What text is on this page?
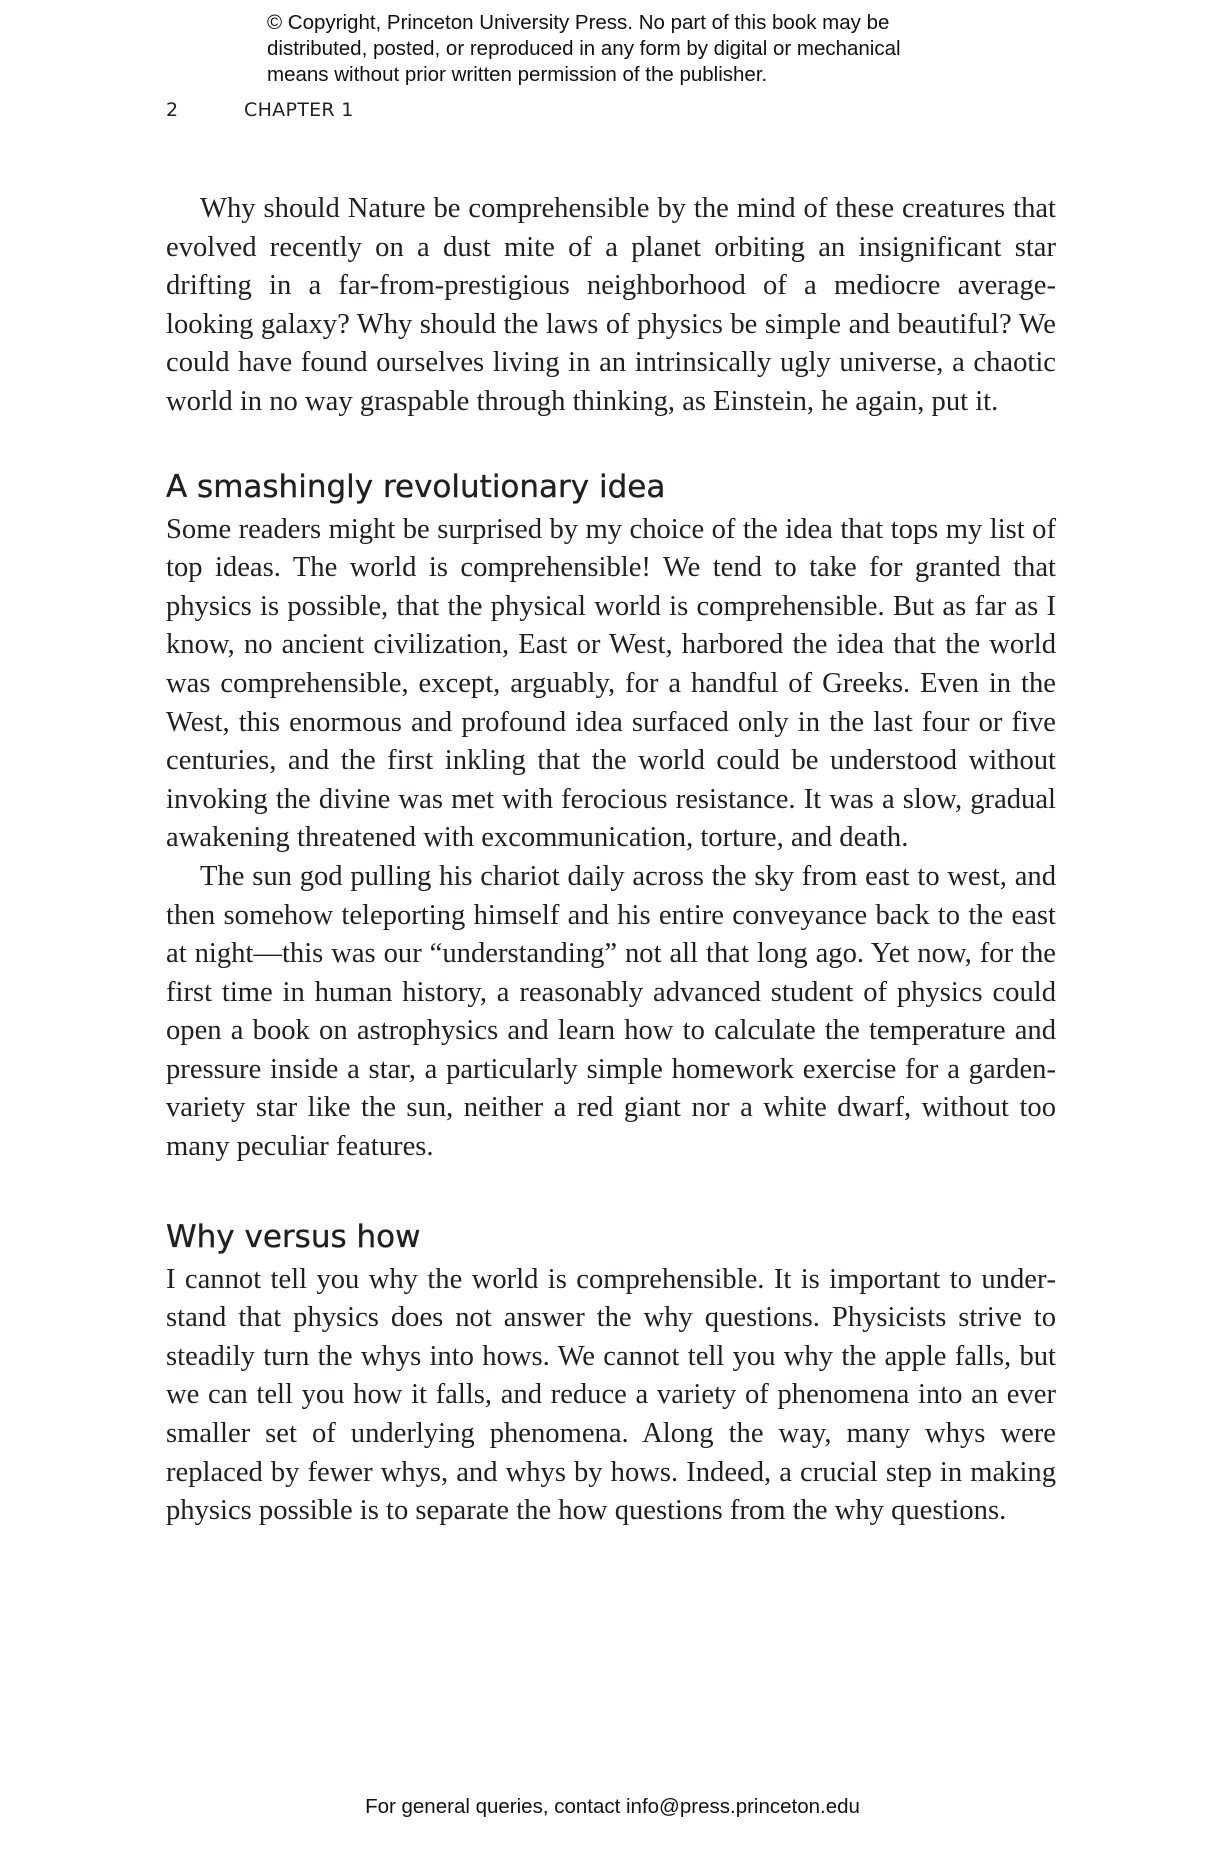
© Copyright, Princeton University Press. No part of this book may be
distributed, posted, or reproduced in any form by digital or mechanical
means without prior written permission of the publisher.
2	CHAPTER 1

Why should Nature be comprehensible by the mind of these creatures that evolved recently on a dust mite of a planet orbiting an insignificant star drifting in a far-from-prestigious neighborhood of a mediocre average-looking galaxy? Why should the laws of physics be simple and beautiful? We could have found ourselves living in an intrinsically ugly universe, a chaotic world in no way graspable through thinking, as Einstein, he again, put it.

A smashingly revolutionary idea

Some readers might be surprised by my choice of the idea that tops my list of top ideas. The world is comprehensible! We tend to take for granted that physics is possible, that the physical world is comprehensible. But as far as I know, no ancient civilization, East or West, harbored the idea that the world was comprehensible, except, arguably, for a handful of Greeks. Even in the West, this enormous and profound idea surfaced only in the last four or five centuries, and the first inkling that the world could be understood without invoking the divine was met with ferocious resistance. It was a slow, gradual awakening threatened with excommunication, torture, and death.

The sun god pulling his chariot daily across the sky from east to west, and then somehow teleporting himself and his entire conveyance back to the east at night—this was our “understanding” not all that long ago. Yet now, for the first time in human history, a reasonably advanced student of physics could open a book on astrophysics and learn how to calculate the temperature and pressure inside a star, a particularly simple homework exercise for a garden-variety star like the sun, neither a red giant nor a white dwarf, without too many peculiar features.

Why versus how

I cannot tell you why the world is comprehensible. It is important to understand that physics does not answer the why questions. Physicists strive to steadily turn the whys into hows. We cannot tell you why the apple falls, but we can tell you how it falls, and reduce a variety of phenomena into an ever smaller set of underlying phenomena. Along the way, many whys were replaced by fewer whys, and whys by hows. Indeed, a crucial step in making physics possible is to separate the how questions from the why questions.

For general queries, contact info@press.princeton.edu
